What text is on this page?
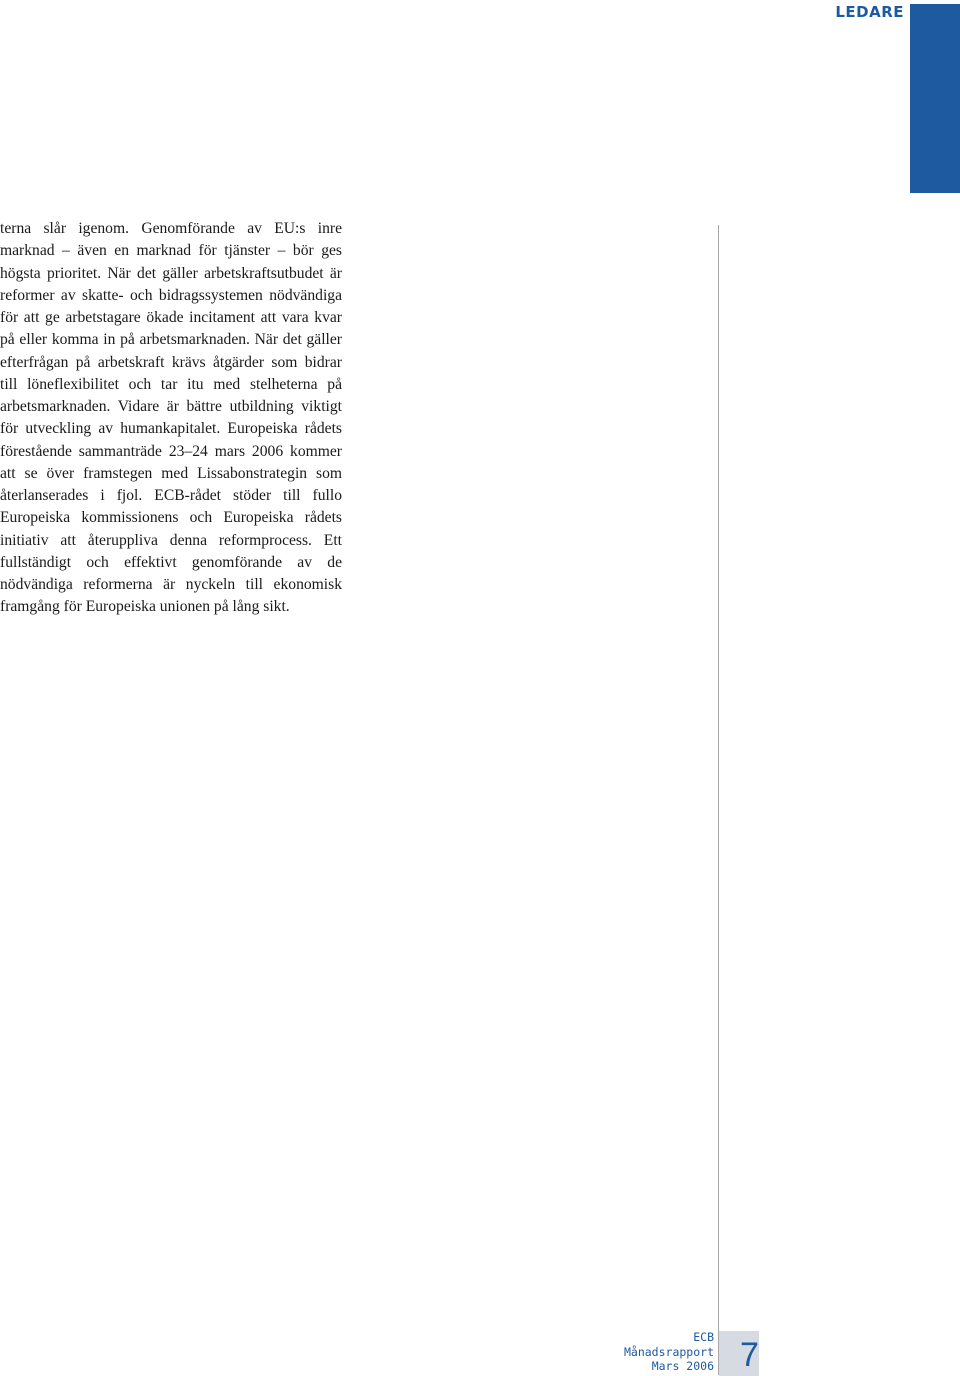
LEDARE

terna slår igenom. Genomförande av EU:s inre marknad – även en marknad för tjänster – bör ges högsta prioritet. När det gäller arbetskraftsutbudet är reformer av skatte- och bidragssystemen nödvändiga för att ge arbetstagare ökade incitament att vara kvar på eller komma in på arbetsmarknaden. När det gäller efterfrågan på arbetskraft krävs åtgärder som bidrar till löneflexibilitet och tar itu med stelheterna på arbetsmarknaden. Vidare är bättre utbildning viktigt för utveckling av humankapitalet. Europeiska rådets förestående sammanträde 23–24 mars 2006 kommer att se över framstegen med Lissabonstrategin som återlanserades i fjol. ECB-rådet stöder till fullo Europeiska kommissionens och Europeiska rådets initiativ att återuppliva denna reformprocess. Ett fullständigt och effektivt genomförande av de nödvändiga reformerna är nyckeln till ekonomisk framgång för Europeiska unionen på lång sikt.

ECB
Månadsrapport
Mars 2006 7
